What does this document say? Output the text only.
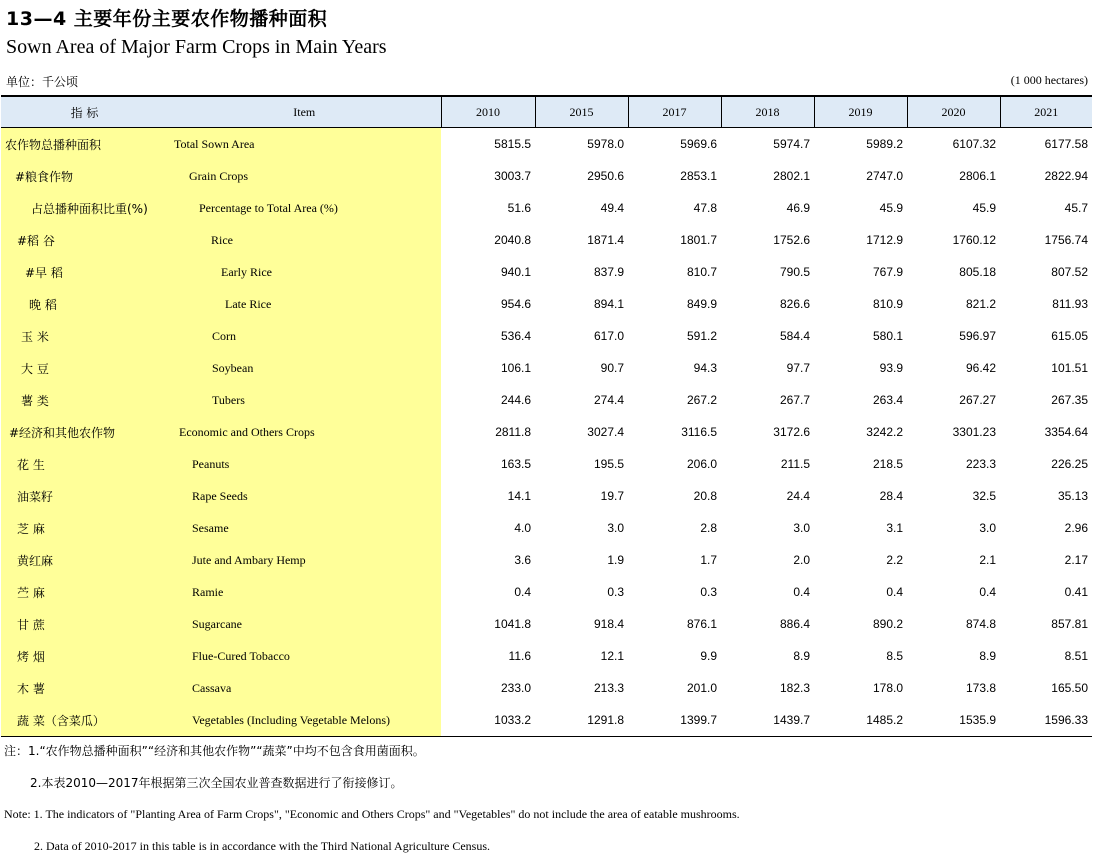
13—4 主要年份主要农作物播种面积
Sown Area of Major Farm Crops in Main Years
单位：千公顷	(1 000 hectares)
指 标	Item	2010	2015	2017	2018	2019	2020	2021
农作物总播种面积	Total Sown Area	5815.5	5978.0	5969.6	5974.7	5989.2	6107.32	6177.58
#粮食作物	Grain Crops	3003.7	2950.6	2853.1	2802.1	2747.0	2806.1	2822.94
占总播种面积比重(%)	Percentage to Total Area (%)	51.6	49.4	47.8	46.9	45.9	45.9	45.7
#稻 谷	Rice	2040.8	1871.4	1801.7	1752.6	1712.9	1760.12	1756.74
#早 稻	Early Rice	940.1	837.9	810.7	790.5	767.9	805.18	807.52
晚 稻	Late Rice	954.6	894.1	849.9	826.6	810.9	821.2	811.93
玉 米	Corn	536.4	617.0	591.2	584.4	580.1	596.97	615.05
大 豆	Soybean	106.1	90.7	94.3	97.7	93.9	96.42	101.51
薯 类	Tubers	244.6	274.4	267.2	267.7	263.4	267.27	267.35
#经济和其他农作物	Economic and Others Crops	2811.8	3027.4	3116.5	3172.6	3242.2	3301.23	3354.64
花 生	Peanuts	163.5	195.5	206.0	211.5	218.5	223.3	226.25
油菜籽	Rape Seeds	14.1	19.7	20.8	24.4	28.4	32.5	35.13
芝 麻	Sesame	4.0	3.0	2.8	3.0	3.1	3.0	2.96
黄红麻	Jute and Ambary Hemp	3.6	1.9	1.7	2.0	2.2	2.1	2.17
苎 麻	Ramie	0.4	0.3	0.3	0.4	0.4	0.4	0.41
甘 蔗	Sugarcane	1041.8	918.4	876.1	886.4	890.2	874.8	857.81
烤 烟	Flue-Cured Tobacco	11.6	12.1	9.9	8.9	8.5	8.9	8.51
木 薯	Cassava	233.0	213.3	201.0	182.3	178.0	173.8	165.50
蔬 菜（含菜瓜）	Vegetables (Including Vegetable Melons)	1033.2	1291.8	1399.7	1439.7	1485.2	1535.9	1596.33
注：1.“农作物总播种面积”“经济和其他农作物”“蔬菜”中均不包含食用菌面积。
2.本表2010—2017年根据第三次全国农业普查数据进行了衔接修订。
Note: 1. The indicators of "Planting Area of Farm Crops", "Economic and Others Crops" and "Vegetables" do not include the area of eatable mushrooms.
2. Data of 2010-2017 in this table is in accordance with the Third National Agriculture Census.
